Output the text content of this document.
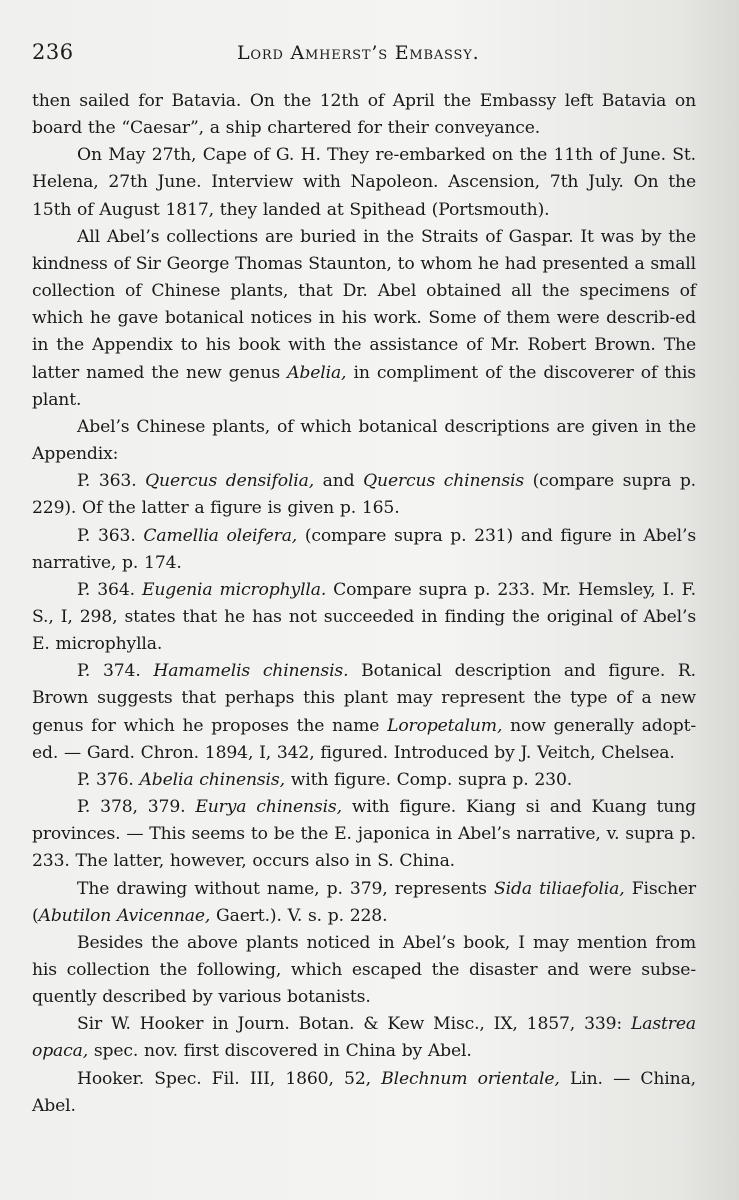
236	Lord Amherst’s Embassy.

then sailed for Batavia. On the 12th of April the Embassy left Batavia on board the “Caesar”, a ship chartered for their conveyance.

On May 27th, Cape of G. H. They re-embarked on the 11th of June. St. Helena, 27th June. Interview with Napoleon. Ascension, 7th July. On the 15th of August 1817, they landed at Spithead (Portsmouth).

All Abel’s collections are buried in the Straits of Gaspar. It was by the kindness of Sir George Thomas Staunton, to whom he had presented a small collection of Chinese plants, that Dr. Abel obtained all the specimens of which he gave botanical notices in his work. Some of them were describ-ed in the Appendix to his book with the assistance of Mr. Robert Brown. The latter named the new genus Abelia, in compliment of the discoverer of this plant.

Abel’s Chinese plants, of which botanical descriptions are given in the Appendix:

P. 363. Quercus densifolia, and Quercus chinensis (compare supra p. 229). Of the latter a figure is given p. 165.

P. 363. Camellia oleifera, (compare supra p. 231) and figure in Abel’s narrative, p. 174.

P. 364. Eugenia microphylla. Compare supra p. 233. Mr. Hemsley, I. F. S., I, 298, states that he has not succeeded in finding the original of Abel’s E. microphylla.

P. 374. Hamamelis chinensis. Botanical description and figure. R. Brown suggests that perhaps this plant may represent the type of a new genus for which he proposes the name Loropetalum, now generally adopt-ed. — Gard. Chron. 1894, I, 342, figured. Introduced by J. Veitch, Chelsea.

P. 376. Abelia chinensis, with figure. Comp. supra p. 230.

P. 378, 379. Eurya chinensis, with figure. Kiang si and Kuang tung provinces. — This seems to be the E. japonica in Abel’s narrative, v. supra p. 233. The latter, however, occurs also in S. China.

The drawing without name, p. 379, represents Sida tiliaefolia, Fischer (Abutilon Avicennae, Gaert.). V. s. p. 228.

Besides the above plants noticed in Abel’s book, I may mention from his collection the following, which escaped the disaster and were subse-quently described by various botanists.

Sir W. Hooker in Journ. Botan. & Kew Misc., IX, 1857, 339: Lastrea opaca, spec. nov. first discovered in China by Abel.

Hooker. Spec. Fil. III, 1860, 52, Blechnum orientale, Lin. — China, Abel.
